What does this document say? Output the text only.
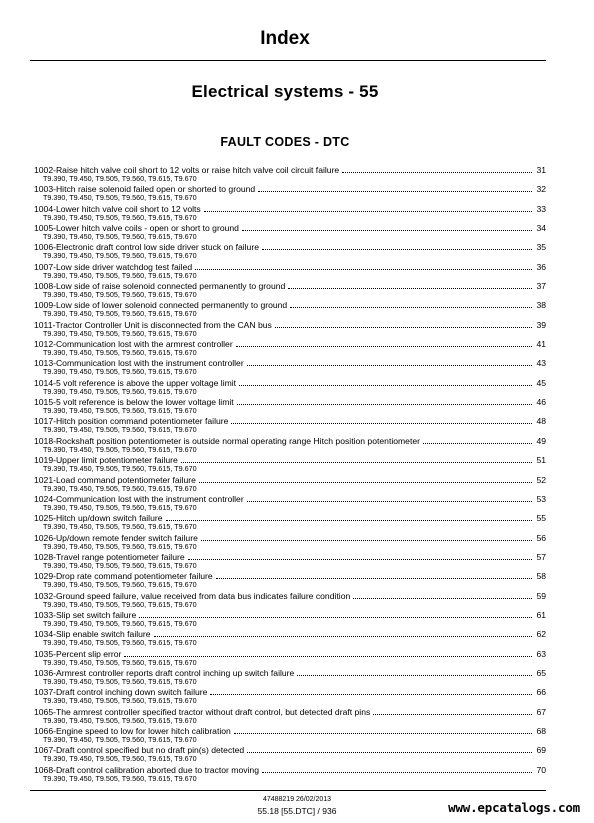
Index
Electrical systems - 55
FAULT CODES - DTC
1002-Raise hitch valve coil short to 12 volts or raise hitch valve coil circuit failure	31
T9.390, T9.450, T9.505, T9.560, T9.615, T9.670
1003-Hitch raise solenoid failed open or shorted to ground	32
T9.390, T9.450, T9.505, T9.560, T9.615, T9.670
1004-Lower hitch valve coil short to 12 volts	33
T9.390, T9.450, T9.505, T9.560, T9.615, T9.670
1005-Lower hitch valve coils - open or short to ground	34
T9.390, T9.450, T9.505, T9.560, T9.615, T9.670
1006-Electronic draft control low side driver stuck on failure	35
T9.390, T9.450, T9.505, T9.560, T9.615, T9.670
1007-Low side driver watchdog test failed	36
T9.390, T9.450, T9.505, T9.560, T9.615, T9.670
1008-Low side of raise solenoid connected permanently to ground	37
T9.390, T9.450, T9.505, T9.560, T9.615, T9.670
1009-Low side of lower solenoid connected permanently to ground	38
T9.390, T9.450, T9.505, T9.560, T9.615, T9.670
1011-Tractor Controller Unit is disconnected from the CAN bus	39
T9.390, T9.450, T9.505, T9.560, T9.615, T9.670
1012-Communication lost with the armrest controller	41
T9.390, T9.450, T9.505, T9.560, T9.615, T9.670
1013-Communication lost with the instrument controller	43
T9.390, T9.450, T9.505, T9.560, T9.615, T9.670
1014-5 volt reference is above the upper voltage limit	45
T9.390, T9.450, T9.505, T9.560, T9.615, T9.670
1015-5 volt reference is below the lower voltage limit	46
T9.390, T9.450, T9.505, T9.560, T9.615, T9.670
1017-Hitch position command potentiometer failure	48
T9.390, T9.450, T9.505, T9.560, T9.615, T9.670
1018-Rockshaft position potentiometer is outside normal operating range Hitch position potentiometer	49
T9.390, T9.450, T9.505, T9.560, T9.615, T9.670
1019-Upper limit potentiometer failure	51
T9.390, T9.450, T9.505, T9.560, T9.615, T9.670
1021-Load command potentiometer failure	52
T9.390, T9.450, T9.505, T9.560, T9.615, T9.670
1024-Communication lost with the instrument controller	53
T9.390, T9.450, T9.505, T9.560, T9.615, T9.670
1025-Hitch up/down switch failure	55
T9.390, T9.450, T9.505, T9.560, T9.615, T9.670
1026-Up/down remote fender switch failure	56
T9.390, T9.450, T9.505, T9.560, T9.615, T9.670
1028-Travel range potentiometer failure	57
T9.390, T9.450, T9.505, T9.560, T9.615, T9.670
1029-Drop rate command potentiometer failure	58
T9.390, T9.450, T9.505, T9.560, T9.615, T9.670
1032-Ground speed failure, value received from data bus indicates failure condition	59
T9.390, T9.450, T9.505, T9.560, T9.615, T9.670
1033-Slip set switch failure	61
T9.390, T9.450, T9.505, T9.560, T9.615, T9.670
1034-Slip enable switch failure	62
T9.390, T9.450, T9.505, T9.560, T9.615, T9.670
1035-Percent slip error	63
T9.390, T9.450, T9.505, T9.560, T9.615, T9.670
1036-Armrest controller reports draft control inching up switch failure	65
T9.390, T9.450, T9.505, T9.560, T9.615, T9.670
1037-Draft control inching down switch failure	66
T9.390, T9.450, T9.505, T9.560, T9.615, T9.670
1065-The armrest controller specified tractor without draft control, but detected draft pins	67
T9.390, T9.450, T9.505, T9.560, T9.615, T9.670
1066-Engine speed to low for lower hitch calibration	68
T9.390, T9.450, T9.505, T9.560, T9.615, T9.670
1067-Draft control specified but no draft pin(s) detected	69
T9.390, T9.450, T9.505, T9.560, T9.615, T9.670
1068-Draft control calibration aborted due to tractor moving	70
T9.390, T9.450, T9.505, T9.560, T9.615, T9.670
47488219 26/02/2013
55.18 [55.DTC] / 936	www.epcatalogs.com
